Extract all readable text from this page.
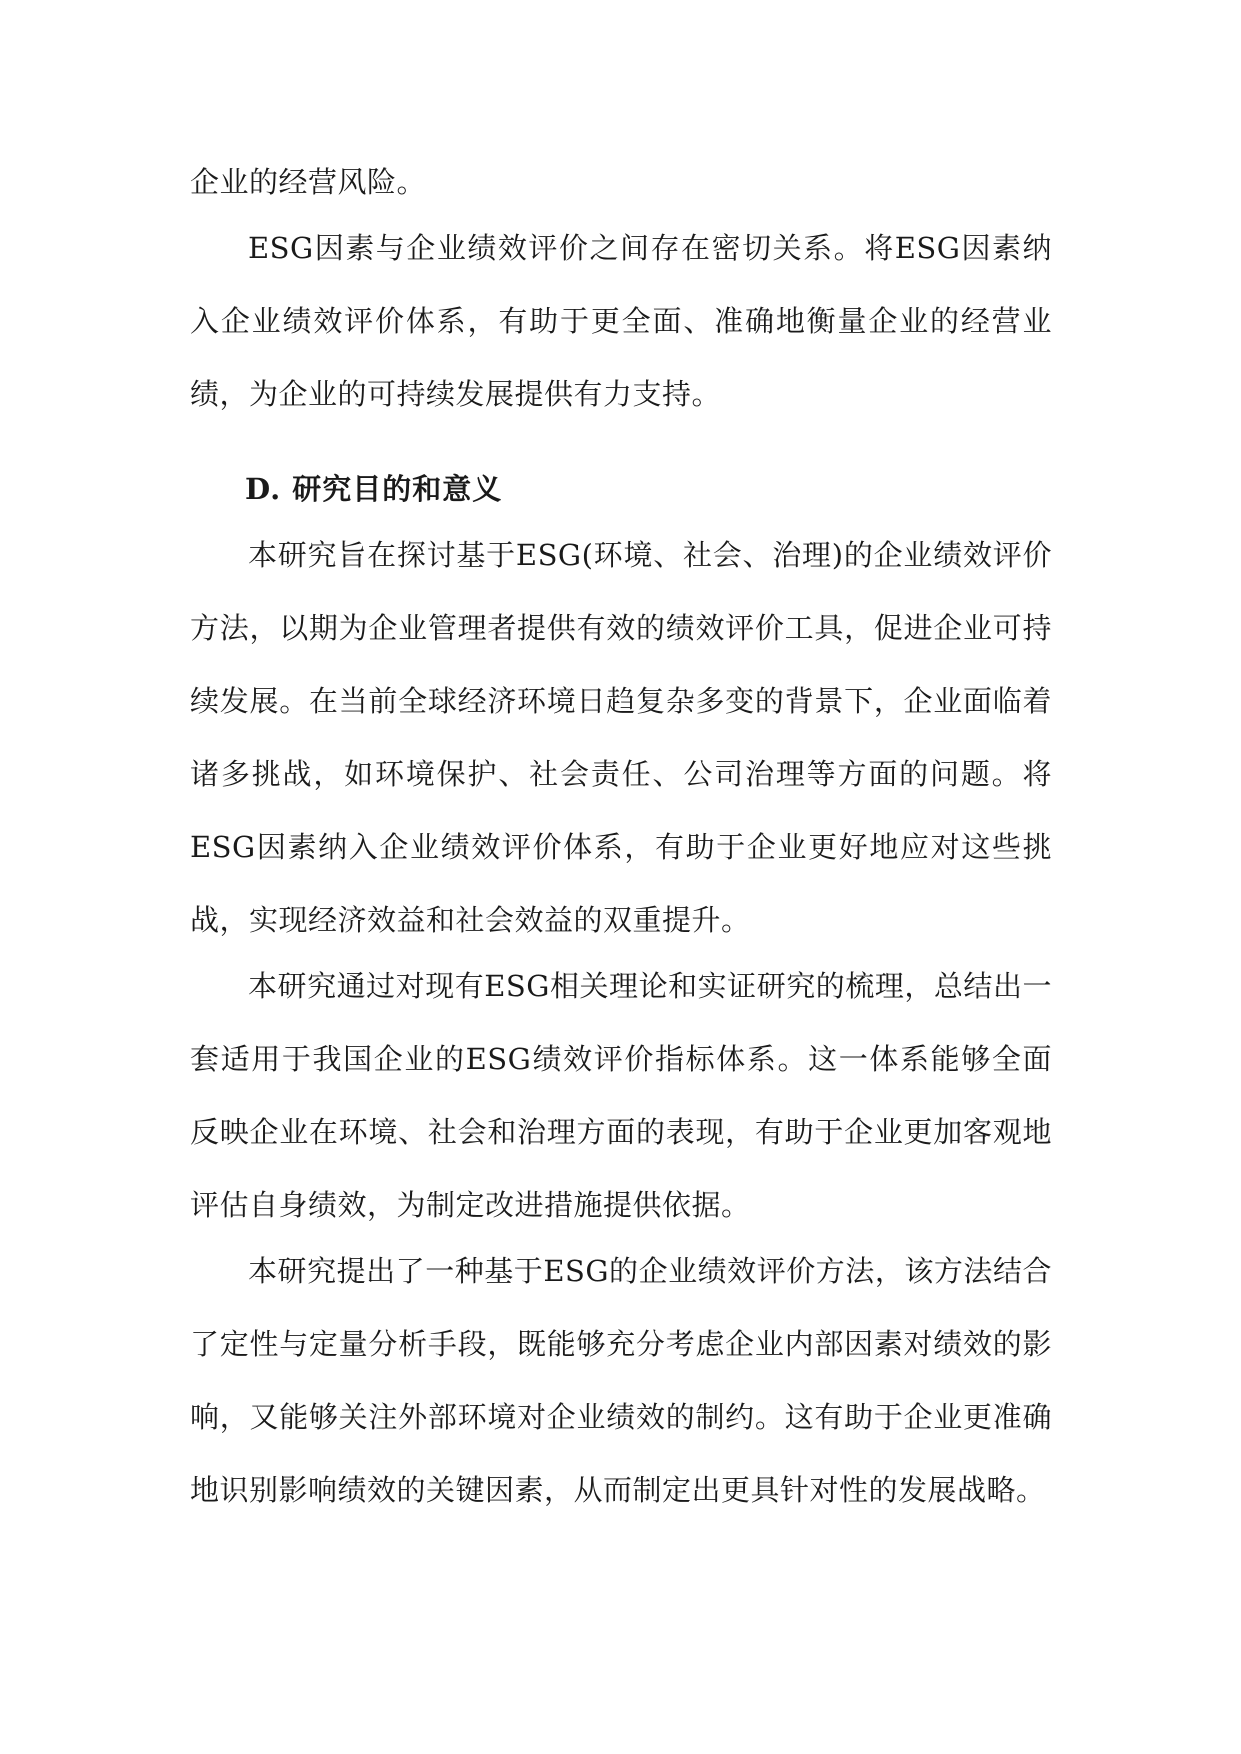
企业的经营风险。

ESG因素与企业绩效评价之间存在密切关系。将ESG因素纳入企业绩效评价体系，有助于更全面、准确地衡量企业的经营业绩，为企业的可持续发展提供有力支持。

D. 研究目的和意义

本研究旨在探讨基于ESG(环境、社会、治理)的企业绩效评价方法，以期为企业管理者提供有效的绩效评价工具，促进企业可持续发展。在当前全球经济环境日趋复杂多变的背景下，企业面临着诸多挑战，如环境保护、社会责任、公司治理等方面的问题。将ESG因素纳入企业绩效评价体系，有助于企业更好地应对这些挑战，实现经济效益和社会效益的双重提升。

本研究通过对现有ESG相关理论和实证研究的梳理，总结出一套适用于我国企业的ESG绩效评价指标体系。这一体系能够全面反映企业在环境、社会和治理方面的表现，有助于企业更加客观地评估自身绩效，为制定改进措施提供依据。

本研究提出了一种基于ESG的企业绩效评价方法，该方法结合了定性与定量分析手段，既能够充分考虑企业内部因素对绩效的影响，又能够关注外部环境对企业绩效的制约。这有助于企业更准确地识别影响绩效的关键因素，从而制定出更具针对性的发展战略。
